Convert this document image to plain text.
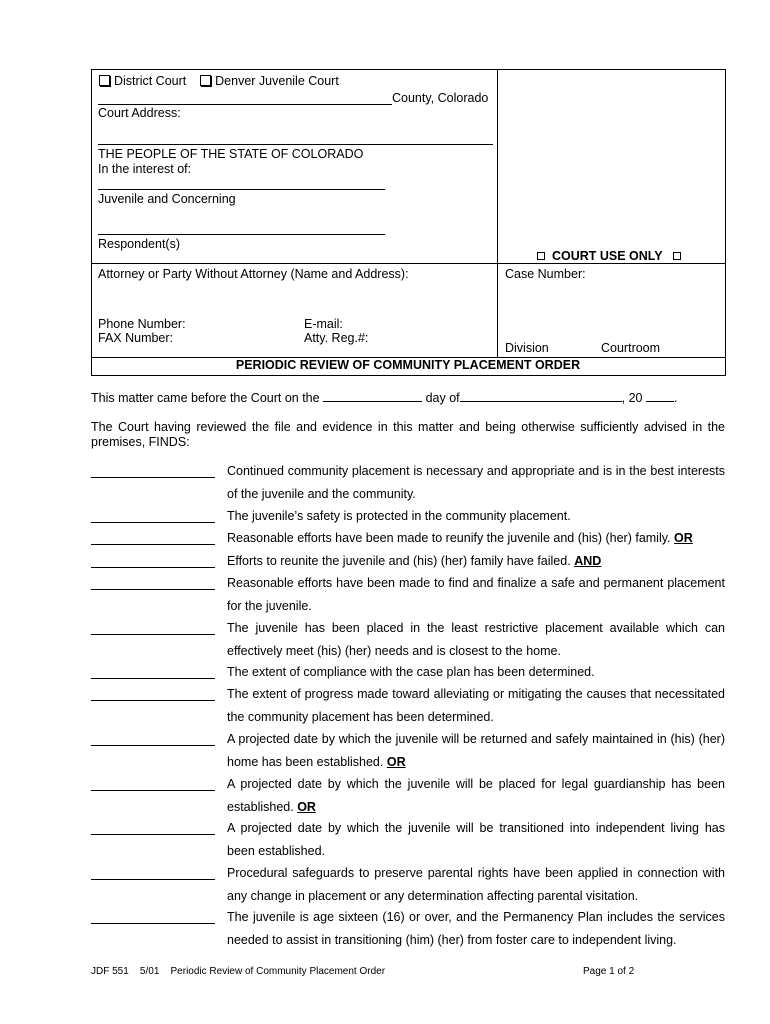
District Court Denver Juvenile Court
County, Colorado
Court Address:
THE PEOPLE OF THE STATE OF COLORADO
In the interest of:
Juvenile and Concerning
Respondent(s)
COURT USE ONLY
Attorney or Party Without Attorney (Name and Address):	Case Number:
Phone Number:	E-mail:
FAX Number:	Atty. Reg.#:
Division	Courtroom
PERIODIC REVIEW OF COMMUNITY PLACEMENT ORDER
This matter came before the Court on the	day of	, 20	.
The Court having reviewed the file and evidence in this matter and being otherwise sufficiently advised in the premises, FINDS:
Continued community placement is necessary and appropriate and is in the best interests of the juvenile and the community.
The juvenile’s safety is protected in the community placement.
Reasonable efforts have been made to reunify the juvenile and (his) (her) family. OR
Efforts to reunite the juvenile and (his) (her) family have failed. AND
Reasonable efforts have been made to find and finalize a safe and permanent placement for the juvenile.
The juvenile has been placed in the least restrictive placement available which can effectively meet (his) (her) needs and is closest to the home.
The extent of compliance with the case plan has been determined.
The extent of progress made toward alleviating or mitigating the causes that necessitated the community placement has been determined.
A projected date by which the juvenile will be returned and safely maintained in (his) (her) home has been established. OR
A projected date by which the juvenile will be placed for legal guardianship has been established. OR
A projected date by which the juvenile will be transitioned into independent living has been established.
Procedural safeguards to preserve parental rights have been applied in connection with any change in placement or any determination affecting parental visitation.
The juvenile is age sixteen (16) or over, and the Permanency Plan includes the services needed to assist in transitioning (him) (her) from foster care to independent living.
JDF 551 5/01 Periodic Review of Community Placement Order	Page 1 of 2
